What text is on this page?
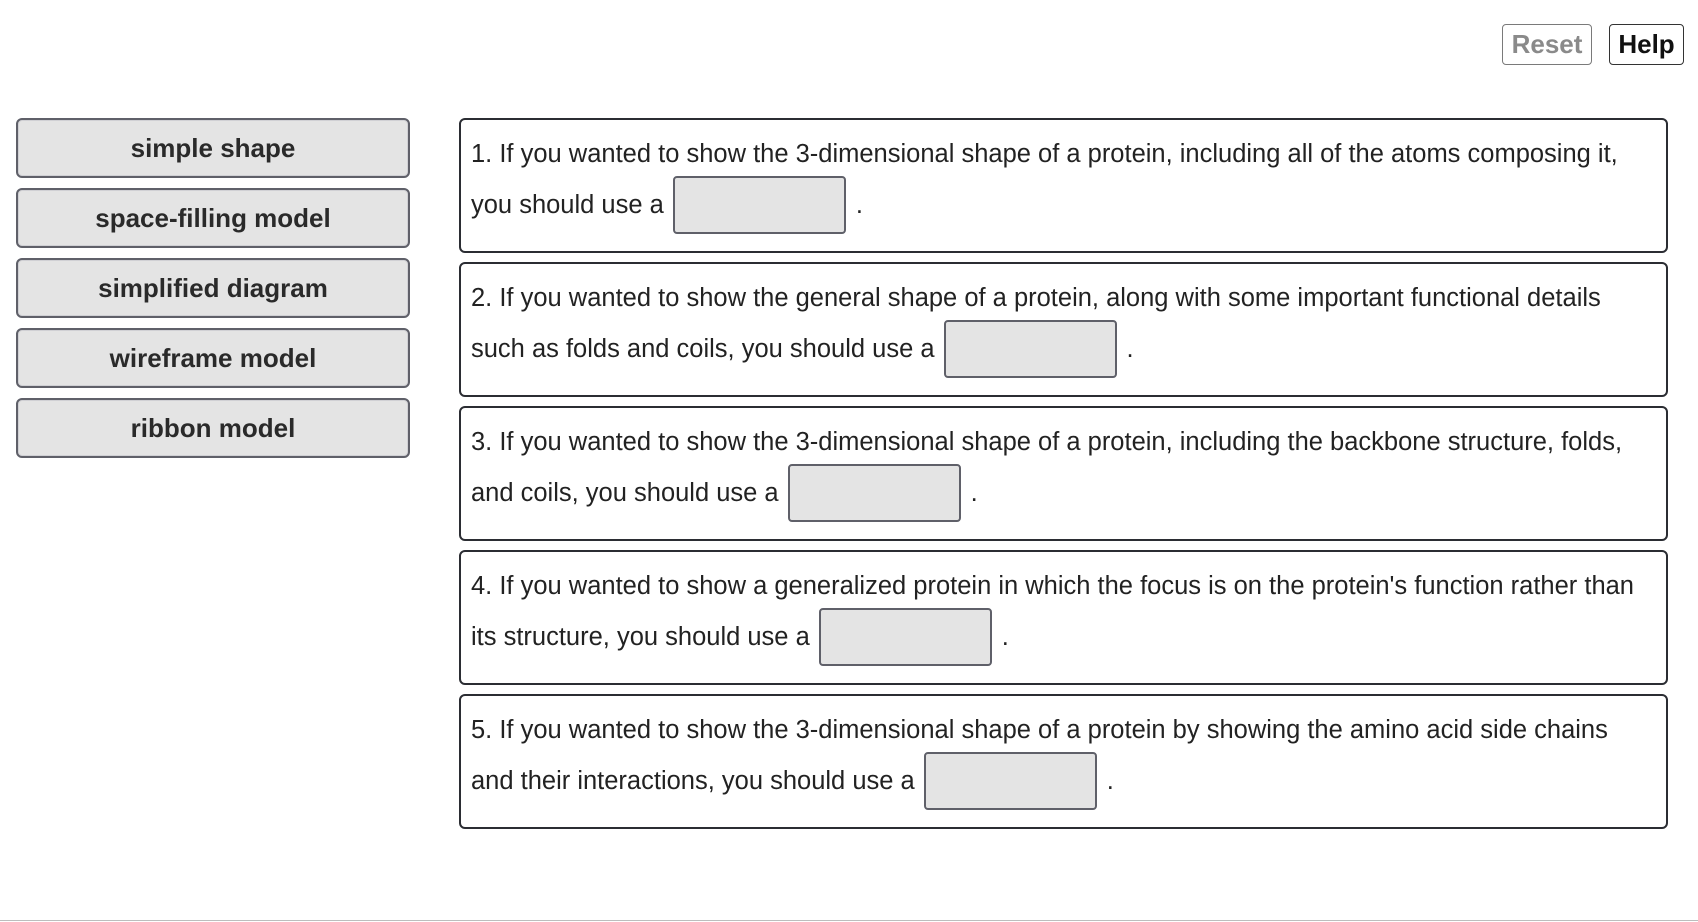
Reset	Help
simple shape
space-filling model
simplified diagram
wireframe model
ribbon model
1. If you wanted to show the 3-dimensional shape of a protein, including all of the atoms composing it,
you should use a	.
2. If you wanted to show the general shape of a protein, along with some important functional details
such as folds and coils, you should use a	.
3. If you wanted to show the 3-dimensional shape of a protein, including the backbone structure, folds,
and coils, you should use a	.
4. If you wanted to show a generalized protein in which the focus is on the protein's function rather than
its structure, you should use a	.
5. If you wanted to show the 3-dimensional shape of a protein by showing the amino acid side chains
and their interactions, you should use a	.
